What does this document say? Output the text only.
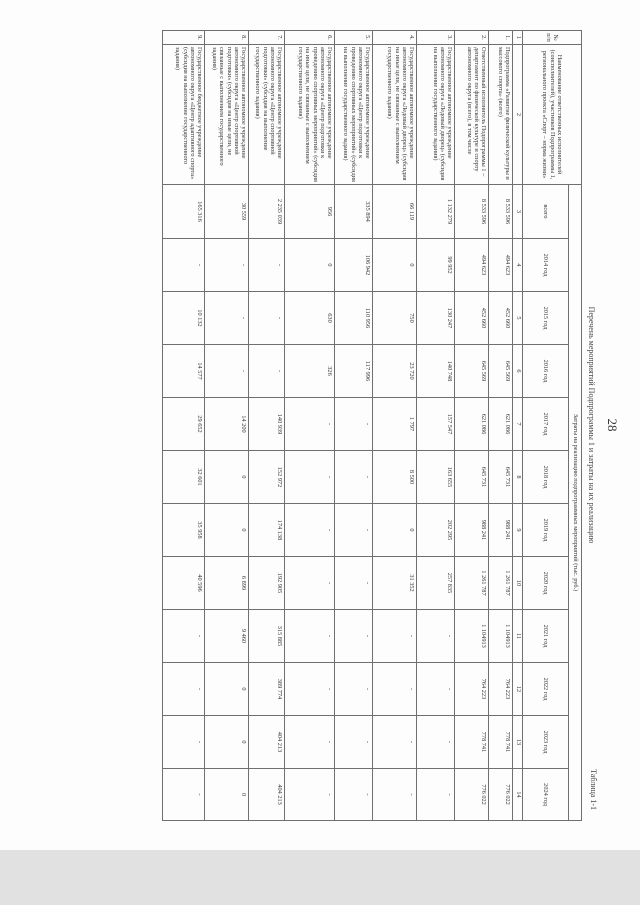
28
Таблица 1-1
Перечень мероприятий Подпрограммы 1 и затраты на их реализацию
№ п/п	Наименование ответственных исполнителей (соисполнителей), участников Подпрограммы 1, регионального проекта «Спорт – норма жизни»	Затраты на реализацию подпрограммных мероприятий (тыс. руб.)											
		всего	2014 год	2015 год	2016 год	2017 год	2018 год	2019 год	2020 год	2021 год	2022 год	2023 год	2024 год
1	2	3	4	5	6	7	8	9	10	11	12	13	14
1.	Подпрограмма «Развитие физической культуры и массового спорта» (всего)	8 533 596	494 623	452 660	645 569	621 086	645 731	988 241	1 261 787	1 104913	764 223	778 741	776 022
2.	Ответственный исполнитель Подпрограммы 1 – департамент по физической культуре и спорту автономного округа (всего), в том числе	8 533 596	494 623	452 660	645 569	621 086	645 731	988 241	1 261 787	1 104913	764 223	778 741	776 022
3.	Государственное автономное учреждение автономного округа «Ледовый дворец» (субсидия на выполнение государственного задания)	1 132 279	99 952	130 247	140 748	157 547	163 655	202 295	257 835	-	-	-	-
4.	Государственное автономное учреждение автономного округа «Ледовый дворец» (субсидия на иные цели, не связанные с выполнением государственного задания)	66 119	0	750	23 720	1 797	8 500	0	31 352	-	-	-	-
5.	Государственное автономное учреждение автономного округа «Центр подготовки к проведению спортивных мероприятий» (субсидия на выполнение государственного задания)	335 894	106 942	110 956	117 996	-	-	-	-	-	-	-	-
6.	Государственное автономное учреждение автономного округа «Центр подготовки к проведению спортивных мероприятий» (субсидия на иные цели, не связанные с выполнением государственного задания)	956	0	630	326	-	-	-	-	-	-	-	-
7.	Государственное автономное учреждение автономного округа «Центр спортивной подготовки» (субсидия на выполнение государственного задания)	2 235 039	-	-	-	140 939	152 972	174 138	192 905	315 885	389 774	404 213	404 213
8.	Государственное автономное учреждение автономного округа «Центр спортивной подготовки» (субсидия на иные цели, не связанные с выполнением государственного задания)	30 559	-	-	-	14 200	0	0	6 899	9 460	0	0	0
9.	Государственное бюджетное учреждение автономного округа «Центр адаптивного спорта» (субсидия на выполнение государственного задания)	165 316	-	10 132	14 577	29 652	32 601	35 958	40 596	-	-	-	-
